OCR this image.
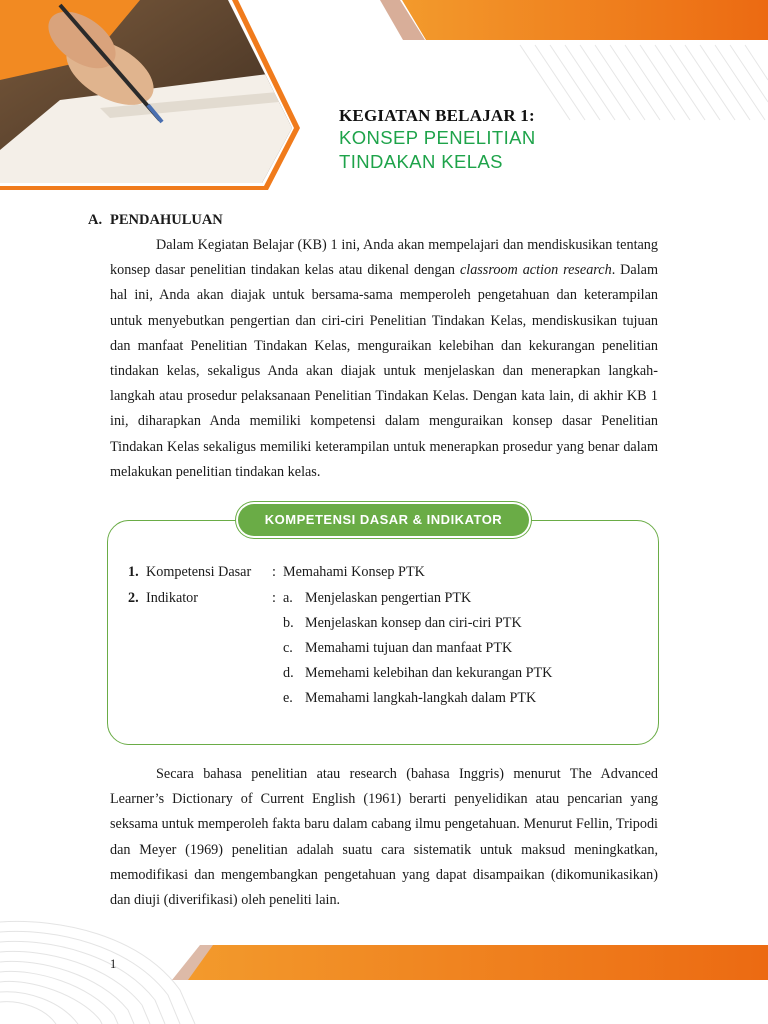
KEGIATAN BELAJAR 1:
KONSEP PENELITIAN
TINDAKAN KELAS
A. PENDAHULUAN

Dalam Kegiatan Belajar (KB) 1 ini, Anda akan mempelajari dan mendiskusikan tentang konsep dasar penelitian tindakan kelas atau dikenal dengan classroom action research. Dalam hal ini, Anda akan diajak untuk bersama-sama memperoleh pengetahuan dan keterampilan untuk menyebutkan pengertian dan ciri-ciri Penelitian Tindakan Kelas, mendiskusikan tujuan dan manfaat Penelitian Tindakan Kelas, menguraikan kelebihan dan kekurangan penelitian tindakan kelas, sekaligus Anda akan diajak untuk menjelaskan dan menerapkan langkah-langkah atau prosedur pelaksanaan Penelitian Tindakan Kelas. Dengan kata lain, di akhir KB 1 ini, diharapkan Anda memiliki kompetensi dalam menguraikan konsep dasar Penelitian Tindakan Kelas sekaligus memiliki keterampilan untuk menerapkan prosedur yang benar dalam melakukan penelitian tindakan kelas.

KOMPETENSI DASAR & INDIKATOR
1. Kompetensi Dasar : Memahami Konsep PTK
2. Indikator	: a. Menjelaskan pengertian PTK
b. Menjelaskan konsep dan ciri-ciri PTK
c. Memahami tujuan dan manfaat PTK
d. Memehami kelebihan dan kekurangan PTK
e. Memahami langkah-langkah dalam PTK

Secara bahasa penelitian atau research (bahasa Inggris) menurut The Advanced Learner’s Dictionary of Current English (1961) berarti penyelidikan atau pencarian yang seksama untuk memperoleh fakta baru dalam cabang ilmu pengetahuan. Menurut Fellin, Tripodi dan Meyer (1969) penelitian adalah suatu cara sistematik untuk maksud meningkatkan, memodifikasi dan mengembangkan pengetahuan yang dapat disampaikan (dikomunikasikan) dan diuji (diverifikasi) oleh peneliti lain.

1
